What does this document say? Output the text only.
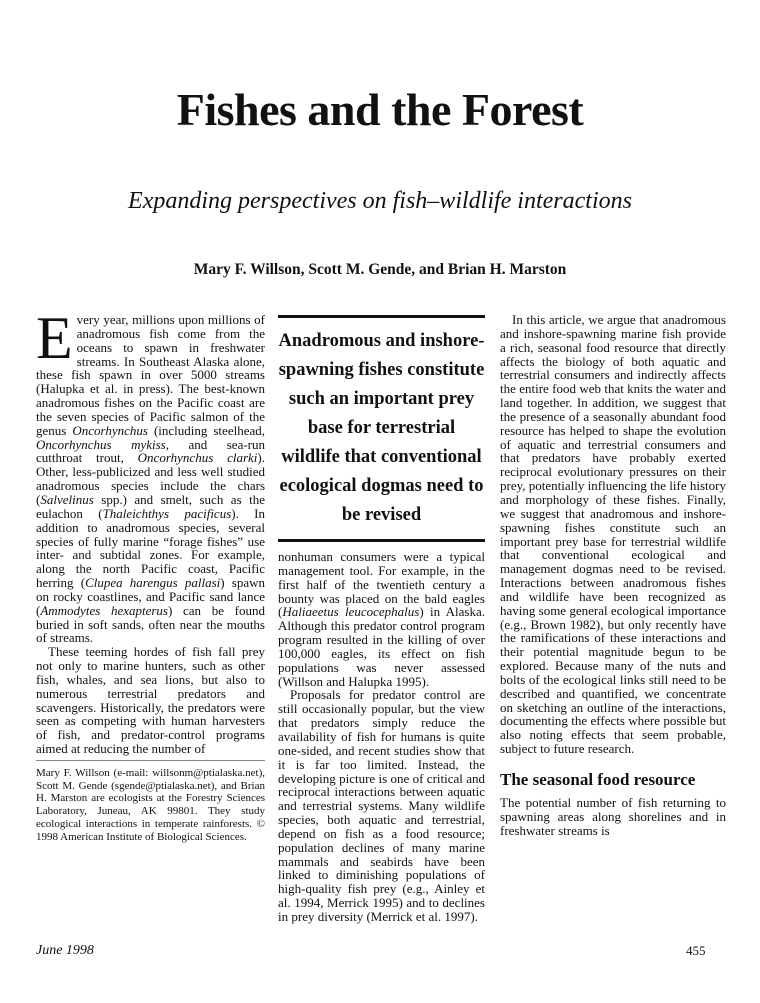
Fishes and the Forest
Expanding perspectives on fish–wildlife interactions
Mary F. Willson, Scott M. Gende, and Brian H. Marston

Every year, millions upon millions of anadromous fish come from the oceans to spawn in freshwater streams. In Southeast Alaska alone, these fish spawn in over 5000 streams (Halupka et al. in press). The best-known anadromous fishes on the Pacific coast are the seven species of Pacific salmon of the genus Oncorhynchus (including steelhead, Oncorhynchus mykiss, and sea-run cutthroat trout, Oncorhynchus clarki). Other, less-publicized and less well studied anadromous species include the chars (Salvelinus spp.) and smelt, such as the eulachon (Thaleichthys pacificus). In addition to anadromous species, several species of fully marine “forage fishes” use inter- and subtidal zones. For example, along the north Pacific coast, Pacific herring (Clupea harengus pallasi) spawn on rocky coastlines, and Pacific sand lance (Ammodytes hexapterus) can be found buried in soft sands, often near the mouths of streams.

These teeming hordes of fish fall prey not only to marine hunters, such as other fish, whales, and sea lions, but also to numerous terrestrial predators and scavengers. Historically, the predators were seen as competing with human harvesters of fish, and predator-control programs aimed at reducing the number of

Mary F. Willson (e-mail: willsonm@ptialaska.net), Scott M. Gende (sgende@ptialaska.net), and Brian H. Marston are ecologists at the Forestry Sciences Laboratory, Juneau, AK 99801. They study ecological interactions in temperate rainforests. © 1998 American Institute of Biological Sciences.
Anadromous and inshore-spawning fishes constitute such an important prey base for terrestrial wildlife that conventional ecological dogmas need to be revised

nonhuman consumers were a typical management tool. For example, in the first half of the twentieth century a bounty was placed on the bald eagles (Haliaeetus leucocephalus) in Alaska. Although this predator control program program resulted in the killing of over 100,000 eagles, its effect on fish populations was never assessed (Willson and Halupka 1995).

Proposals for predator control are still occasionally popular, but the view that predators simply reduce the availability of fish for humans is quite one-sided, and recent studies show that it is far too limited. Instead, the developing picture is one of critical and reciprocal interactions between aquatic and terrestrial systems. Many wildlife species, both aquatic and terrestrial, depend on fish as a food resource; population declines of many marine mammals and seabirds have been linked to diminishing populations of high-quality fish prey (e.g., Ainley et al. 1994, Merrick 1995) and to declines in prey diversity (Merrick et al. 1997).

In this article, we argue that anadromous and inshore-spawning marine fish provide a rich, seasonal food resource that directly affects the biology of both aquatic and terrestrial consumers and indirectly affects the entire food web that knits the water and land together. In addition, we suggest that the presence of a seasonally abundant food resource has helped to shape the evolution of aquatic and terrestrial consumers and that predators have probably exerted reciprocal evolutionary pressures on their prey, potentially influencing the life history and morphology of these fishes. Finally, we suggest that anadromous and inshore-spawning fishes constitute such an important prey base for terrestrial wildlife that conventional ecological and management dogmas need to be revised. Interactions between anadromous fishes and wildlife have been recognized as having some general ecological importance (e.g., Brown 1982), but only recently have the ramifications of these interactions and their potential magnitude begun to be explored. Because many of the nuts and bolts of the ecological links still need to be described and quantified, we concentrate on sketching an outline of the interactions, documenting the effects where possible but also noting effects that seem probable, subject to future research.

The seasonal food resource

The potential number of fish returning to spawning areas along shorelines and in freshwater streams is

June 1998	455
